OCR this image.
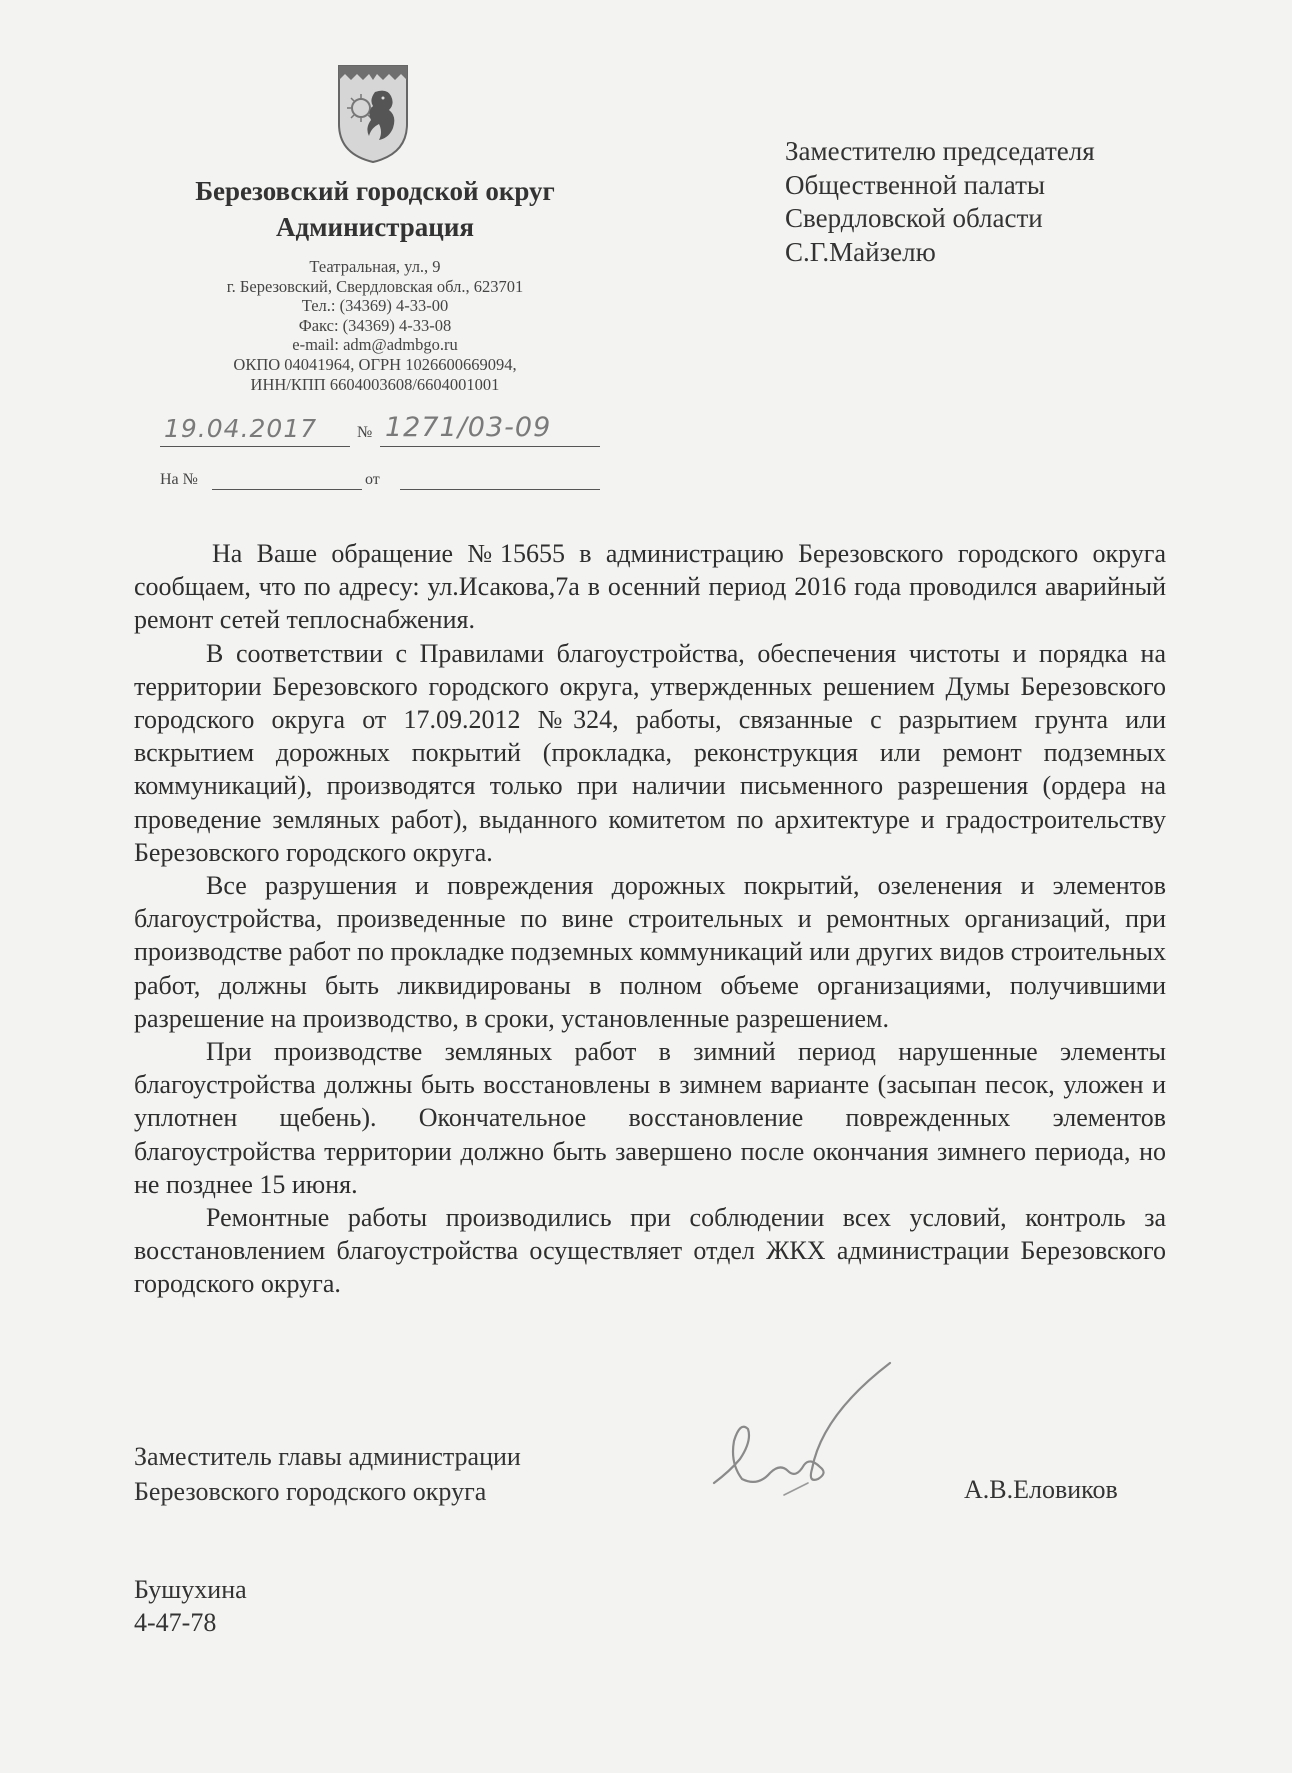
Березовский городской округ
Администрация
Театральная, ул., 9
г. Березовский, Свердловская обл., 623701
Тел.: (34369) 4-33-00
Факс: (34369) 4-33-08
e-mail: adm@admbgo.ru
ОКПО 04041964, ОГРН 1026600669094,
ИНН/КПП 6604003608/6604001001
19.04.2017 № 1271/03-09
На №	от
Заместителю председателя
Общественной палаты
Свердловской области
С.Г.Майзелю

На Ваше обращение №15655 в администрацию Березовского городского округа сообщаем, что по адресу: ул.Исакова,7а в осенний период 2016 года проводился аварийный ремонт сетей теплоснабжения.

В соответствии с Правилами благоустройства, обеспечения чистоты и порядка на территории Березовского городского округа, утвержденных решением Думы Березовского городского округа от 17.09.2012 №324, работы, связанные с разрытием грунта или вскрытием дорожных покрытий (прокладка, реконструкция или ремонт подземных коммуникаций), производятся только при наличии письменного разрешения (ордера на проведение земляных работ), выданного комитетом по архитектуре и градостроительству Березовского городского округа.

Все разрушения и повреждения дорожных покрытий, озеленения и элементов благоустройства, произведенные по вине строительных и ремонтных организаций, при производстве работ по прокладке подземных коммуникаций или других видов строительных работ, должны быть ликвидированы в полном объеме организациями, получившими разрешение на производство, в сроки, установленные разрешением.

При производстве земляных работ в зимний период нарушенные элементы благоустройства должны быть восстановлены в зимнем варианте (засыпан песок, уложен и уплотнен щебень). Окончательное восстановление поврежденных элементов благоустройства территории должно быть завершено после окончания зимнего периода, но не позднее 15 июня.

Ремонтные работы производились при соблюдении всех условий, контроль за восстановлением благоустройства осуществляет отдел ЖКХ администрации Березовского городского округа.

Заместитель главы администрации
Березовского городского округа	А.В.Еловиков
Бушухина
4-47-78
